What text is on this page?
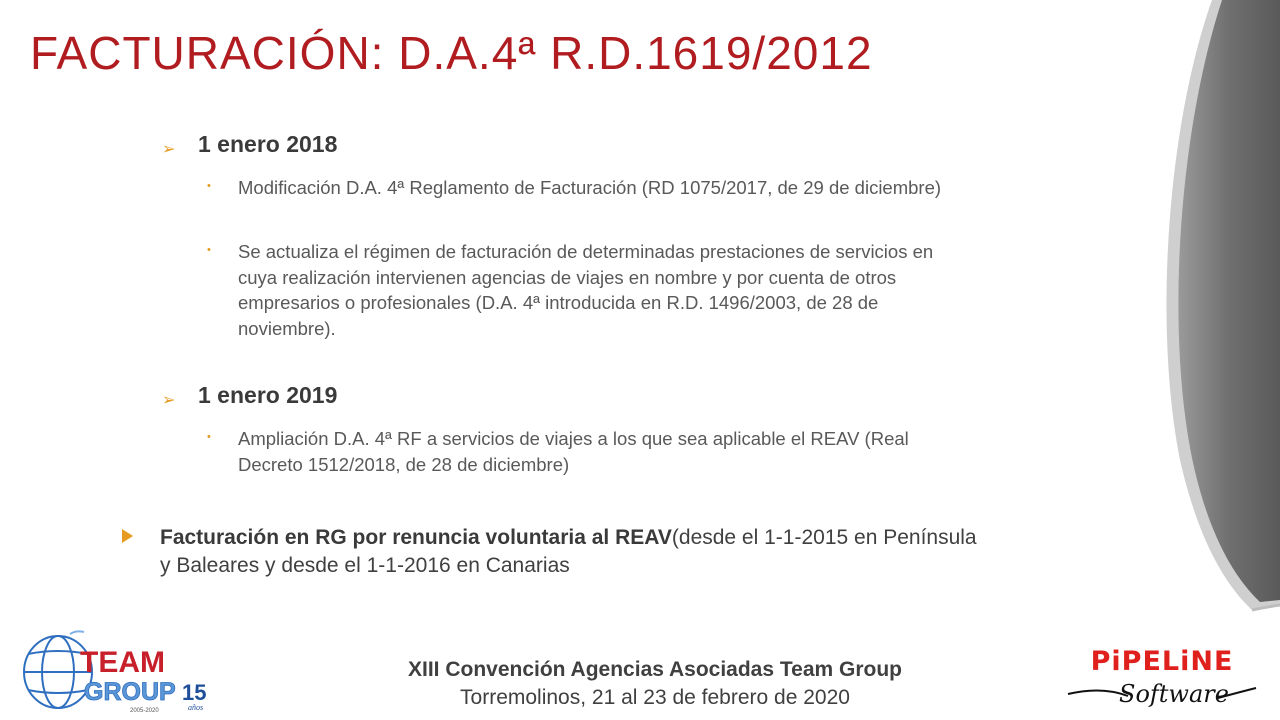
FACTURACIÓN: D.A.4ª R.D.1619/2012
➢ 1 enero 2018
• Modificación D.A. 4ª Reglamento de Facturación (RD 1075/2017, de 29 de diciembre)
• Se actualiza el régimen de facturación de determinadas prestaciones de servicios en cuya realización intervienen agencias de viajes en nombre y por cuenta de otros empresarios o profesionales (D.A. 4ª introducida en R.D. 1496/2003, de 28 de noviembre).
➢ 1 enero 2019
• Ampliación D.A. 4ª RF a servicios de viajes a los que sea aplicable el REAV (Real Decreto 1512/2018, de 28 de diciembre)
Facturación en RG por renuncia voluntaria al REAV(desde el 1-1-2015 en Península y Baleares y desde el 1-1-2016 en Canarias
XIII Convención Agencias Asociadas Team Group
Torremolinos, 21 al 23 de febrero de 2020
TEAM
GROUP 15
años
2005-2020
PiPELiNE
Software
